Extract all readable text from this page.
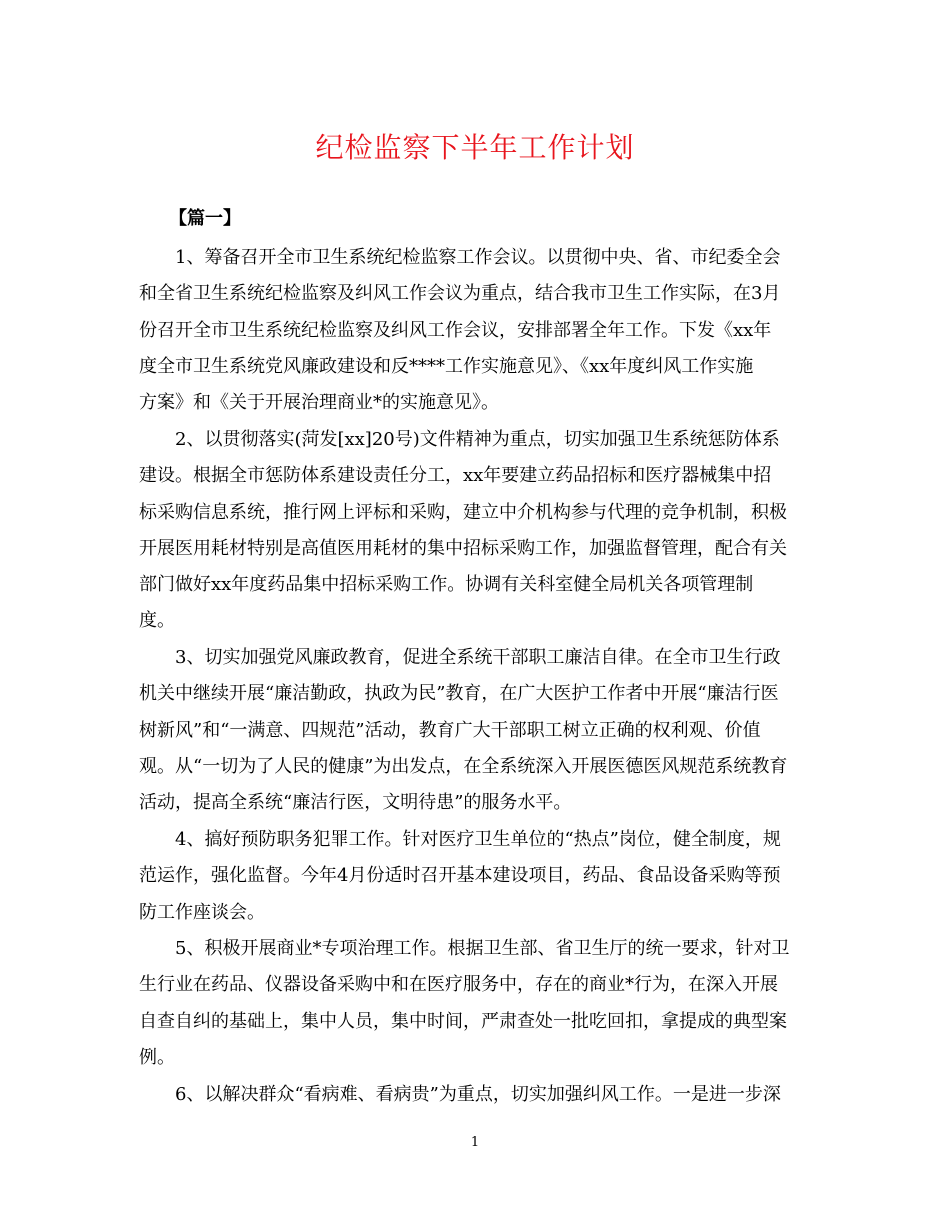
纪检监察下半年工作计划
【篇一】
1、筹备召开全市卫生系统纪检监察工作会议。以贯彻中央、省、市纪委全会
和全省卫生系统纪检监察及纠风工作会议为重点，结合我市卫生工作实际，在3月
份召开全市卫生系统纪检监察及纠风工作会议，安排部署全年工作。下发《xx年
度全市卫生系统党风廉政建设和反****工作实施意见》、《xx年度纠风工作实施
方案》和《关于开展治理商业*的实施意见》。
2、以贯彻落实(菏发[xx]20号)文件精神为重点，切实加强卫生系统惩防体系
建设。根据全市惩防体系建设责任分工，xx年要建立药品招标和医疗器械集中招
标采购信息系统，推行网上评标和采购，建立中介机构参与代理的竞争机制，积极
开展医用耗材特别是高值医用耗材的集中招标采购工作，加强监督管理，配合有关
部门做好xx年度药品集中招标采购工作。协调有关科室健全局机关各项管理制
度。
3、切实加强党风廉政教育，促进全系统干部职工廉洁自律。在全市卫生行政
机关中继续开展“廉洁勤政，执政为民”教育，在广大医护工作者中开展“廉洁行医
树新风”和“一满意、四规范”活动，教育广大干部职工树立正确的权利观、价值
观。从“一切为了人民的健康”为出发点，在全系统深入开展医德医风规范系统教育
活动，提高全系统“廉洁行医，文明待患”的服务水平。
4、搞好预防职务犯罪工作。针对医疗卫生单位的“热点”岗位，健全制度，规
范运作，强化监督。今年4月份适时召开基本建设项目，药品、食品设备采购等预
防工作座谈会。
5、积极开展商业*专项治理工作。根据卫生部、省卫生厅的统一要求，针对卫
生行业在药品、仪器设备采购中和在医疗服务中，存在的商业*行为，在深入开展
自查自纠的基础上，集中人员，集中时间，严肃查处一批吃回扣，拿提成的典型案
例。
6、以解决群众“看病难、看病贵”为重点，切实加强纠风工作。一是进一步深
1
